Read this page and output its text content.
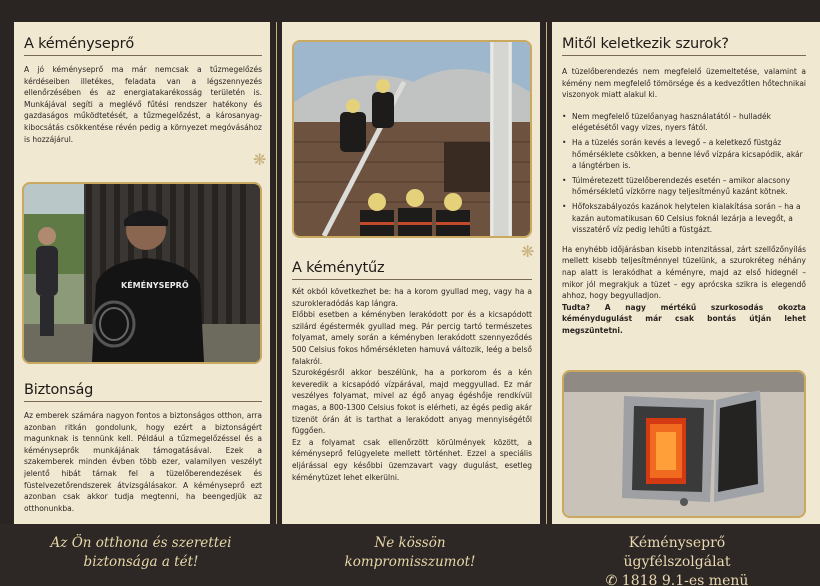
A kéményseprő
A jó kéményseprő ma már nemcsak a tűzmegelőzés kérdéseiben illetékes, feladata van a légszennyezés ellenőrzésében és az energiatakarékosság területén is. Munkájával segíti a meglévő fűtési rendszer hatékony és gazdaságos működtetését, a tűzmegelőzést, a károsanyag-kibocsátás csökkentése révén pedig a környezet megóvásához is hozzájárul.
KÉMÉNYSEPRŐ
Biztonság
Az emberek számára nagyon fontos a biztonságos otthon, arra azonban ritkán gondolunk, hogy ezért a biztonságért magunknak is tennünk kell. Például a tűzmegelőzéssel és a kéményseprők munkájának támogatásával. Ezek a szakemberek minden évben több ezer, valamilyen veszélyt jelentő hibát tárnak fel a tüzelőberendezések és füstelvezetőrendszerek átvizsgálásakor. A kéményseprő ezt azonban csak akkor tudja megtenni, ha beengedjük az otthonunkba.
A kéménytűz

Két okból következhet be: ha a korom gyullad meg, vagy ha a szurokleradódás kap lángra.

Előbbi esetben a kéményben lerakódott por és a kicsapódott szilárd égéstermék gyullad meg. Pár percig tartó természetes folyamat, amely során a kéményben lerakódott szennyeződés 500 Celsius fokos hőmérsékleten hamuvá változik, leég a belső falakról.

Szurokégésről akkor beszélünk, ha a porkorom és a kén keveredik a kicsapódó vízpárával, majd meggyullad. Ez már veszélyes folyamat, mivel az égő anyag égéshője rendkívül magas, a 800-1300 Celsius fokot is elérheti, az égés pedig akár tizenöt órán át is tarthat a lerakódott anyag mennyiségétől függően.

Ez a folyamat csak ellenőrzött körülmények között, a kéményseprő felügyelete mellett történhet. Ezzel a speciális eljárással egy későbbi üzemzavart vagy dugulást, esetleg kéménytüzet lehet elkerülni.

Mitől keletkezik szurok?
A tüzelőberendezés nem megfelelő üzemeltetése, valamint a kémény nem megfelelő tömörsége és a kedvezőtlen hőtechnikai viszonyok miatt alakul ki.
• Nem megfelelő tüzelőanyag használatától – hulladék elégetésétől vagy vizes, nyers fától.
• Ha a tüzelés során kevés a levegő – a keletkező füstgáz hőmérséklete csökken, a benne lévő vízpára kicsapódik, akár a lángtérben is.
• Túlméretezett tüzelőberendezés esetén – amikor alacsony hőmérsékletű vízkörre nagy teljesítményű kazánt kötnek.
• Hőfokszabályozós kazánok helytelen kialakítása során – ha a kazán automatikusan 60 Celsius foknál lezárja a levegőt, a visszatérő víz pedig lehűti a füstgázt.
Ha enyhébb időjárásban kisebb intenzitással, zárt szellőzőnyílás mellett kisebb teljesítménnyel tüzelünk, a szurokréteg néhány nap alatt is lerakódhat a kéményre, majd az első hidegnél – mikor jól megrakjuk a tüzet – egy aprócska szikra is elegendő ahhoz, hogy begyulladjon.
Tudta? A nagy mértékű szurkosodás okozta kéménydugulást már csak bontás útján lehet megszüntetni.
❋
❋
Az Ön otthona és szerettei
biztonsága a tét!
Ne kössön
kompromisszumot!
Kéményseprő ügyfélszolgálat
✆ 1818 9.1-es menü
